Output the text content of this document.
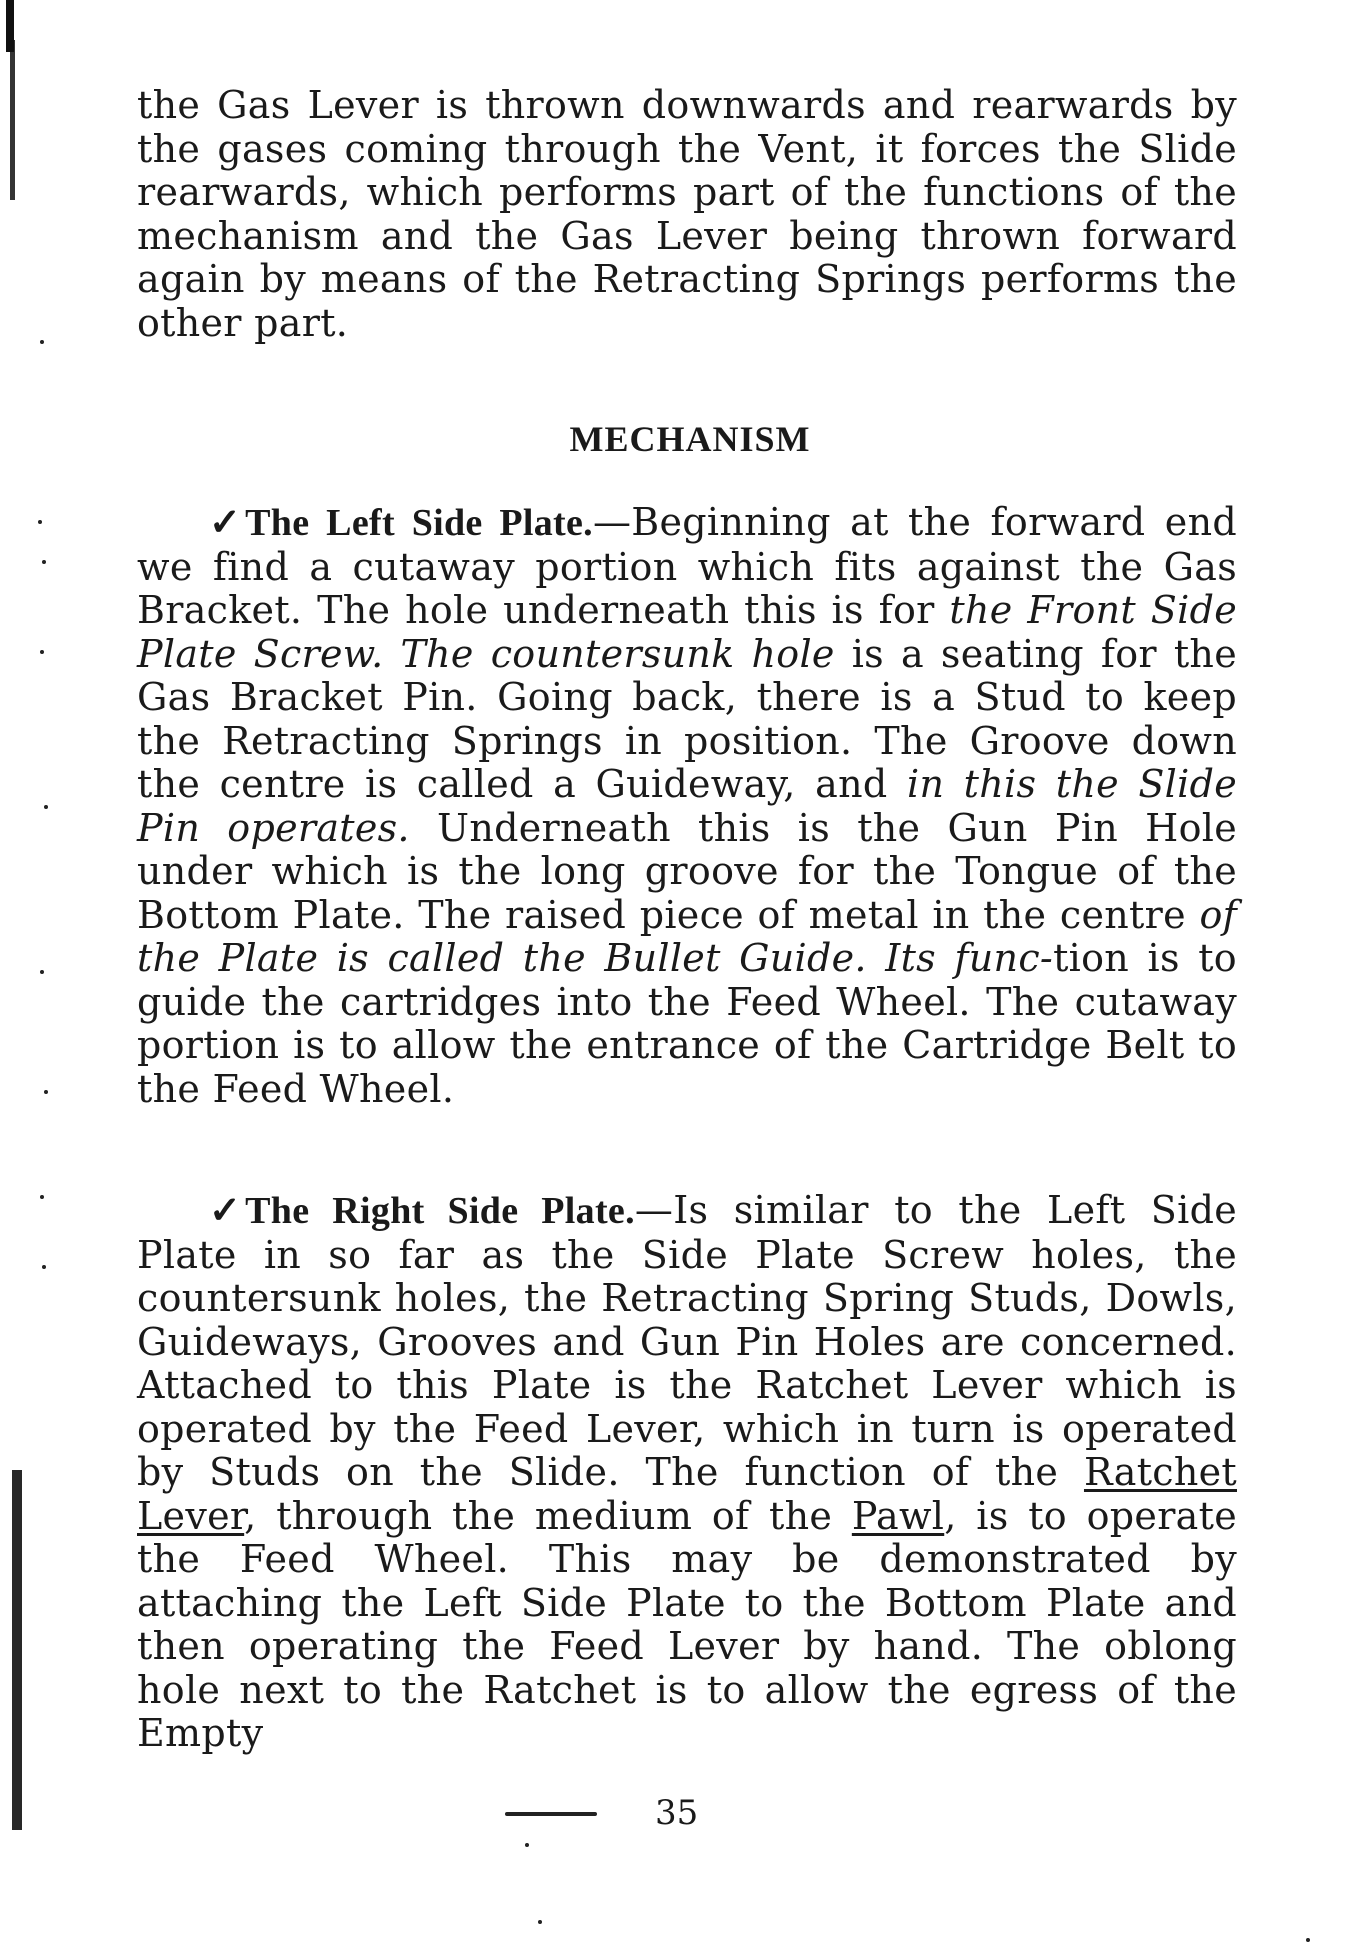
the Gas Lever is thrown downwards and rearwards by the gases coming through the Vent, it forces the Slide rearwards, which performs part of the functions of the mechanism and the Gas Lever being thrown forward again by means of the Retracting Springs performs the other part.

MECHANISM

✓ The Left Side Plate.—Beginning at the forward end we find a cutaway portion which fits against the Gas Bracket. The hole underneath this is for the Front Side Plate Screw. The countersunk hole is a seating for the Gas Bracket Pin. Going back, there is a Stud to keep the Retracting Springs in position. The Groove down the centre is called a Guideway, and in this the Slide Pin operates. Underneath this is the Gun Pin Hole under which is the long groove for the Tongue of the Bottom Plate. The raised piece of metal in the centre of the Plate is called the Bullet Guide. Its func-tion is to guide the cartridges into the Feed Wheel. The cutaway portion is to allow the entrance of the Cartridge Belt to the Feed Wheel.

✓ The Right Side Plate.—Is similar to the Left Side Plate in so far as the Side Plate Screw holes, the countersunk holes, the Retracting Spring Studs, Dowls, Guideways, Grooves and Gun Pin Holes are concerned. Attached to this Plate is the Ratchet Lever which is operated by the Feed Lever, which in turn is operated by Studs on the Slide. The function of the Ratchet Lever, through the medium of the Pawl, is to operate the Feed Wheel. This may be demonstrated by attaching the Left Side Plate to the Bottom Plate and then operating the Feed Lever by hand. The oblong hole next to the Ratchet is to allow the egress of the Empty

35
